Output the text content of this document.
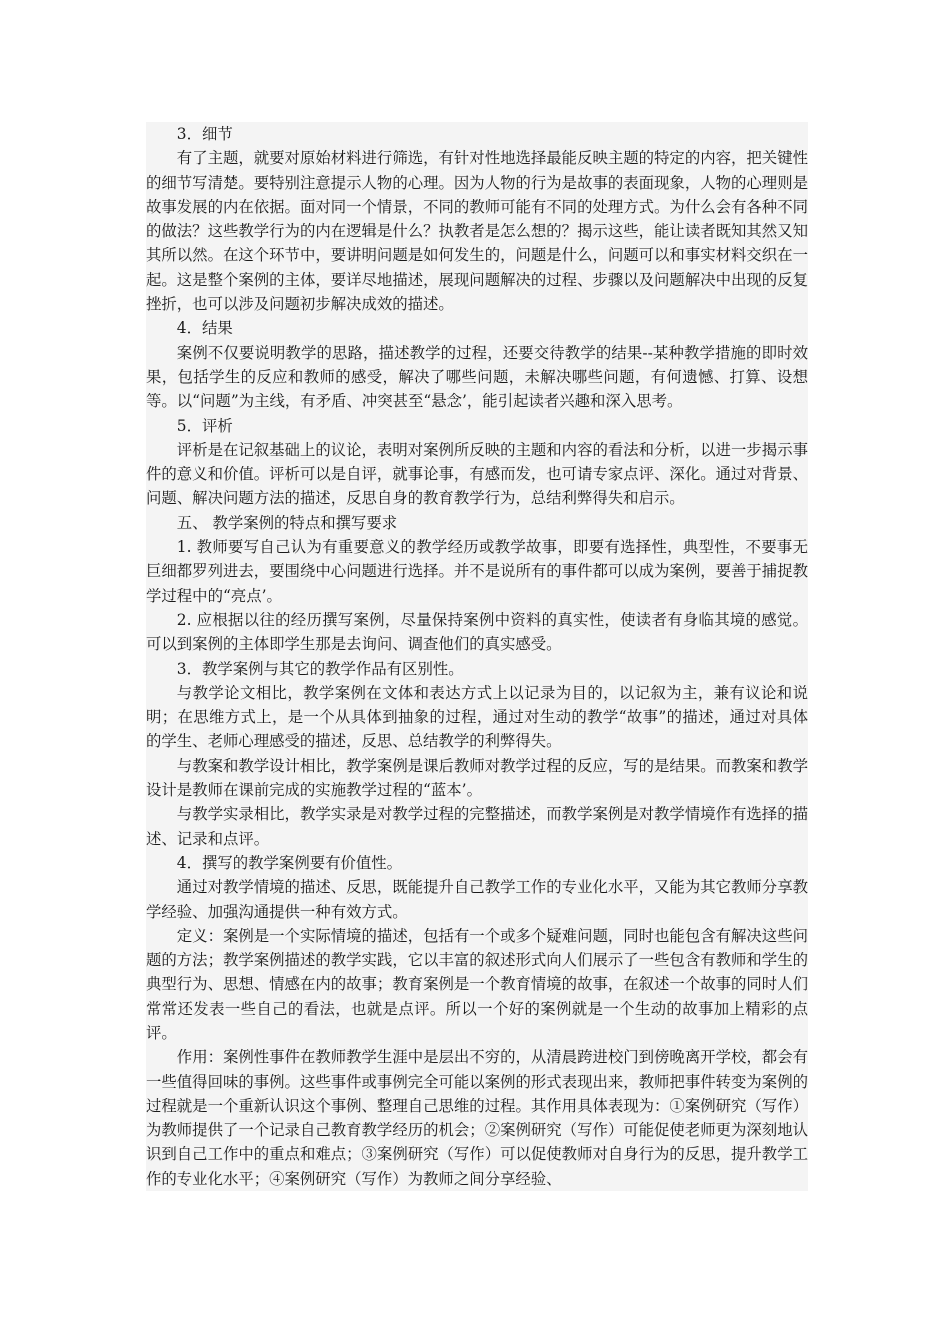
3．细节

有了主题，就要对原始材料进行筛选，有针对性地选择最能反映主题的特定的内容，把关键性的细节写清楚。要特别注意提示人物的心理。因为人物的行为是故事的表面现象，人物的心理则是故事发展的内在依据。面对同一个情景，不同的教师可能有不同的处理方式。为什么会有各种不同的做法？这些教学行为的内在逻辑是什么？执教者是怎么想的？揭示这些，能让读者既知其然又知其所以然。在这个环节中，要讲明问题是如何发生的，问题是什么，问题可以和事实材料交织在一起。这是整个案例的主体，要详尽地描述，展现问题解决的过程、步骤以及问题解决中出现的反复挫折，也可以涉及问题初步解决成效的描述。

4．结果

案例不仅要说明教学的思路，描述教学的过程，还要交待教学的结果--某种教学措施的即时效果，包括学生的反应和教师的感受，解决了哪些问题，未解决哪些问题，有何遗憾、打算、设想等。以“问题”为主线，有矛盾、冲突甚至“悬念’，能引起读者兴趣和深入思考。

5．评析

评析是在记叙基础上的议论，表明对案例所反映的主题和内容的看法和分析，以进一步揭示事件的意义和价值。评析可以是自评，就事论事，有感而发，也可请专家点评、深化。通过对背景、问题、解决问题方法的描述，反思自身的教育教学行为，总结利弊得失和启示。

五、 教学案例的特点和撰写要求

1. 教师要写自己认为有重要意义的教学经历或教学故事，即要有选择性，典型性，不要事无巨细都罗列进去，要围绕中心问题进行选择。并不是说所有的事件都可以成为案例，要善于捕捉教学过程中的“亮点’。

2. 应根据以往的经历撰写案例，尽量保持案例中资料的真实性，使读者有身临其境的感觉。可以到案例的主体即学生那是去询问、调查他们的真实感受。

3．教学案例与其它的教学作品有区别性。

与教学论文相比，教学案例在文体和表达方式上以记录为目的，以记叙为主，兼有议论和说明；在思维方式上，是一个从具体到抽象的过程，通过对生动的教学“故事”的描述，通过对具体的学生、老师心理感受的描述，反思、总结教学的利弊得失。

与教案和教学设计相比，教学案例是课后教师对教学过程的反应，写的是结果。而教案和教学设计是教师在课前完成的实施教学过程的“蓝本’。

与教学实录相比，教学实录是对教学过程的完整描述，而教学案例是对教学情境作有选择的描述、记录和点评。

4．撰写的教学案例要有价值性。

通过对教学情境的描述、反思，既能提升自己教学工作的专业化水平，又能为其它教师分享教学经验、加强沟通提供一种有效方式。

定义：案例是一个实际情境的描述，包括有一个或多个疑难问题，同时也能包含有解决这些问题的方法；教学案例描述的教学实践，它以丰富的叙述形式向人们展示了一些包含有教师和学生的典型行为、思想、情感在内的故事；教育案例是一个教育情境的故事，在叙述一个故事的同时人们常常还发表一些自己的看法，也就是点评。所以一个好的案例就是一个生动的故事加上精彩的点评。

作用：案例性事件在教师教学生涯中是层出不穷的，从清晨跨进校门到傍晚离开学校，都会有一些值得回味的事例。这些事件或事例完全可能以案例的形式表现出来，教师把事件转变为案例的过程就是一个重新认识这个事例、整理自己思维的过程。其作用具体表现为：①案例研究（写作）为教师提供了一个记录自己教育教学经历的机会；②案例研究（写作）可能促使老师更为深刻地认识到自己工作中的重点和难点；③案例研究（写作）可以促使教师对自身行为的反思，提升教学工作的专业化水平；④案例研究（写作）为教师之间分享经验、
